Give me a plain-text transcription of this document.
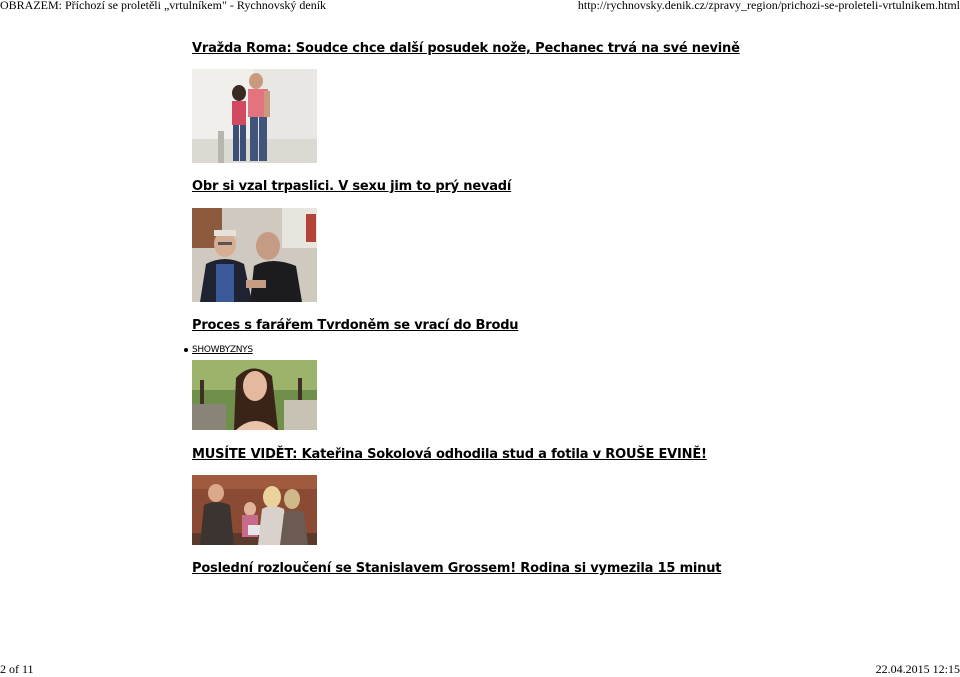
OBRAZEM: Příchozí se proletěli „vrtulníkem" - Rychnovský deník	http://rychnovsky.denik.cz/zpravy_region/prichozi-se-proleteli-vrtulnikem.html
Vražda Roma: Soudce chce další posudek nože, Pechanec trvá na své nevině
Obr si vzal trpaslici. V sexu jim to prý nevadí
Proces s farářem Tvrdoněm se vrací do Brodu
SHOWBYZNYS
MUSÍTE VIDĚT: Kateřina Sokolová odhodila stud a fotila v ROUŠE EVINĚ!
Poslední rozloučení se Stanislavem Grossem! Rodina si vymezila 15 minut
2 of 11	22.04.2015 12:15
